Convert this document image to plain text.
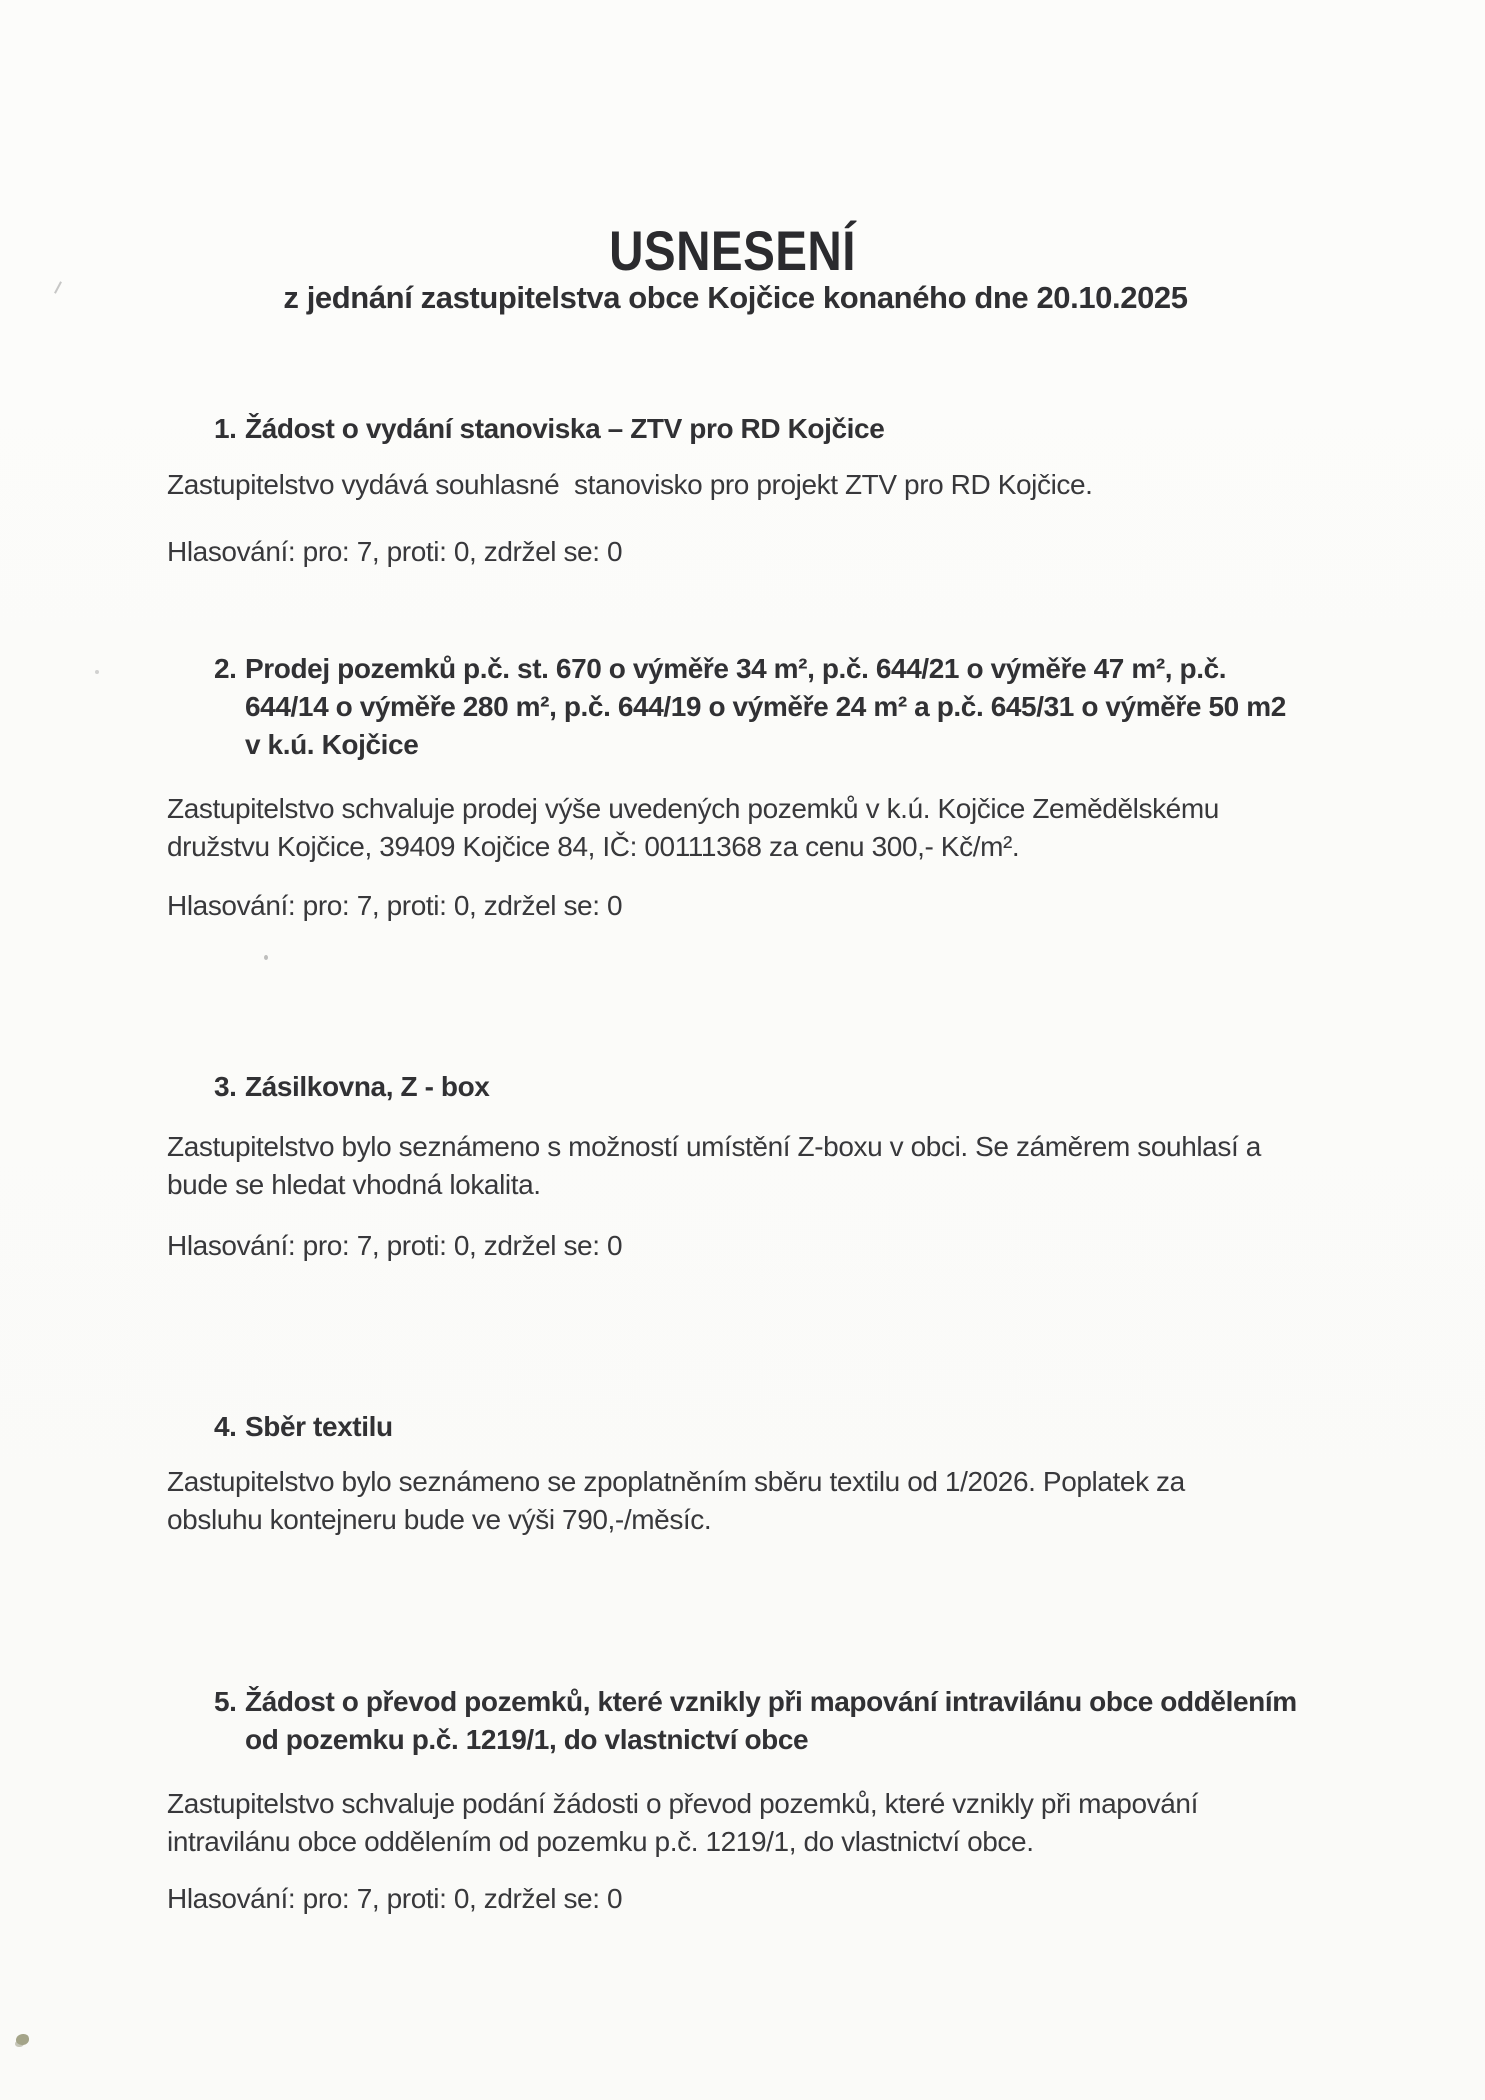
USNESENÍ
z jednání zastupitelstva obce Kojčice konaného dne 20.10.2025
1. Žádost o vydání stanoviska – ZTV pro RD Kojčice
Zastupitelstvo vydává souhlasné  stanovisko pro projekt ZTV pro RD Kojčice.
Hlasování: pro: 7, proti: 0, zdržel se: 0
2. Prodej pozemků p.č. st. 670 o výměře 34 m², p.č. 644/21 o výměře 47 m², p.č.
644/14 o výměře 280 m², p.č. 644/19 o výměře 24 m² a p.č. 645/31 o výměře 50 m2
v k.ú. Kojčice
Zastupitelstvo schvaluje prodej výše uvedených pozemků v k.ú. Kojčice Zemědělskému
družstvu Kojčice, 39409 Kojčice 84, IČ: 00111368 za cenu 300,- Kč/m².
Hlasování: pro: 7, proti: 0, zdržel se: 0
3. Zásilkovna, Z - box
Zastupitelstvo bylo seznámeno s možností umístění Z-boxu v obci. Se záměrem souhlasí a
bude se hledat vhodná lokalita.
Hlasování: pro: 7, proti: 0, zdržel se: 0
4. Sběr textilu
Zastupitelstvo bylo seznámeno se zpoplatněním sběru textilu od 1/2026. Poplatek za
obsluhu kontejneru bude ve výši 790,-/měsíc.
5. Žádost o převod pozemků, které vznikly při mapování intravilánu obce oddělením
od pozemku p.č. 1219/1, do vlastnictví obce
Zastupitelstvo schvaluje podání žádosti o převod pozemků, které vznikly při mapování
intravilánu obce oddělením od pozemku p.č. 1219/1, do vlastnictví obce.
Hlasování: pro: 7, proti: 0, zdržel se: 0
